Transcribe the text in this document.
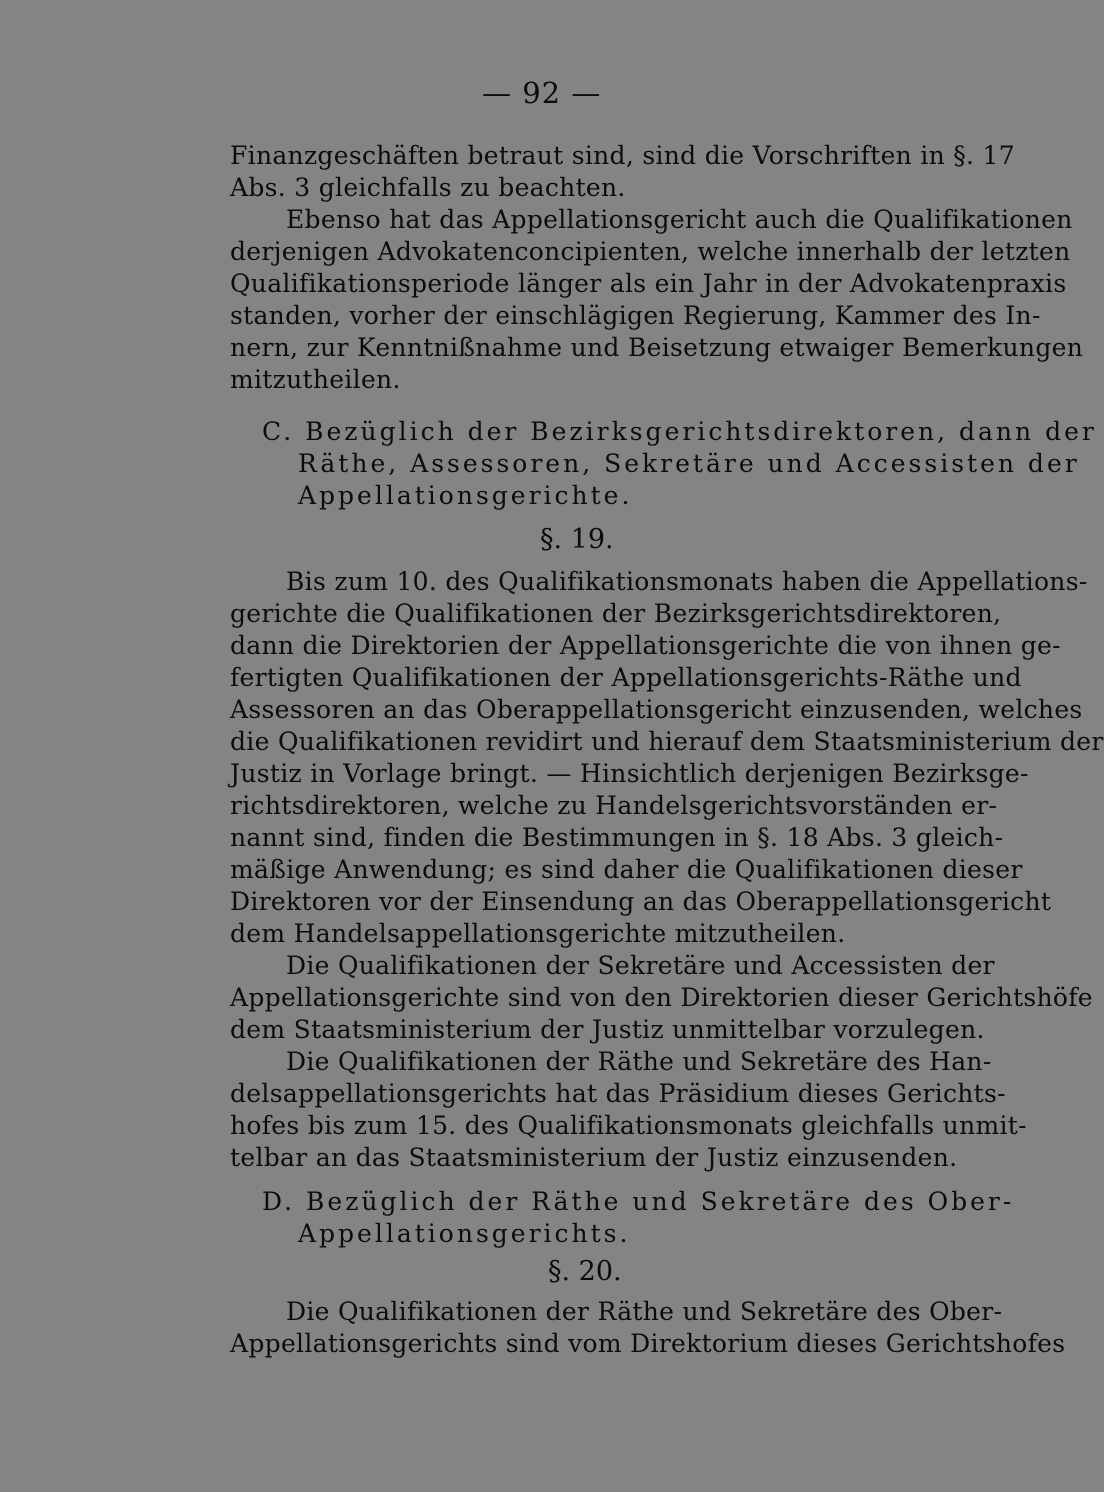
— 92 —
Finanzgeschäften betraut sind, sind die Vorschriften in §. 17
Abs. 3 gleichfalls zu beachten.
Ebenso hat das Appellationsgericht auch die Qualifikationen
derjenigen Advokatenconcipienten, welche innerhalb der letzten
Qualifikationsperiode länger als ein Jahr in der Advokatenpraxis
standen, vorher der einschlägigen Regierung, Kammer des In-
nern, zur Kenntnißnahme und Beisetzung etwaiger Bemerkungen
mitzutheilen.
C. Bezüglich der Bezirksgerichtsdirektoren, dann der
Räthe, Assessoren, Sekretäre und Accessisten der
Appellationsgerichte.
§. 19.
Bis zum 10. des Qualifikationsmonats haben die Appellations-
gerichte die Qualifikationen der Bezirksgerichtsdirektoren,
dann die Direktorien der Appellationsgerichte die von ihnen ge-
fertigten Qualifikationen der Appellationsgerichts-Räthe und
Assessoren an das Oberappellationsgericht einzusenden, welches
die Qualifikationen revidirt und hierauf dem Staatsministerium der
Justiz in Vorlage bringt. — Hinsichtlich derjenigen Bezirksge-
richtsdirektoren, welche zu Handelsgerichtsvorständen er-
nannt sind, finden die Bestimmungen in §. 18 Abs. 3 gleich-
mäßige Anwendung; es sind daher die Qualifikationen dieser
Direktoren vor der Einsendung an das Oberappellationsgericht
dem Handelsappellationsgerichte mitzutheilen.
Die Qualifikationen der Sekretäre und Accessisten der
Appellationsgerichte sind von den Direktorien dieser Gerichtshöfe
dem Staatsministerium der Justiz unmittelbar vorzulegen.
Die Qualifikationen der Räthe und Sekretäre des Han-
delsappellationsgerichts hat das Präsidium dieses Gerichts-
hofes bis zum 15. des Qualifikationsmonats gleichfalls unmit-
telbar an das Staatsministerium der Justiz einzusenden.
D. Bezüglich der Räthe und Sekretäre des Ober-
Appellationsgerichts.
§. 20.
Die Qualifikationen der Räthe und Sekretäre des Ober-
Appellationsgerichts sind vom Direktorium dieses Gerichtshofes
